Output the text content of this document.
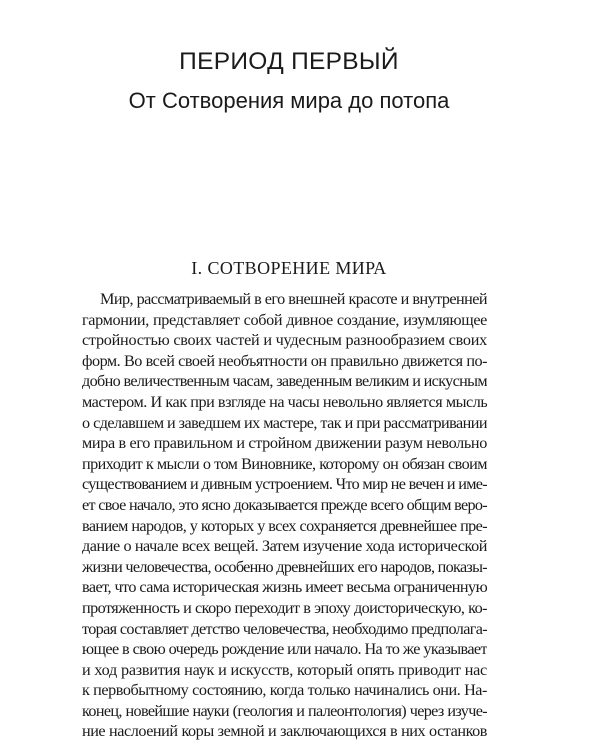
ПЕРИОД ПЕРВЫЙ
От Сотворения мира до потопа
I. СОТВОРЕНИЕ МИРА
Мир, рассматриваемый в его внешней красоте и внутренней
гармонии, представляет собой дивное создание, изумляющее
стройностью своих частей и чудесным разнообразием своих
форм. Во всей своей необъятности он правильно движется по-
добно величественным часам, заведенным великим и искусным
мастером. И как при взгляде на часы невольно является мысль
о сделавшем и заведшем их мастере, так и при рассматривании
мира в его правильном и стройном движении разум невольно
приходит к мысли о том Виновнике, которому он обязан своим
существованием и дивным устроением. Что мир не вечен и име-
ет свое начало, это ясно доказывается прежде всего общим веро-
ванием народов, у которых у всех сохраняется древнейшее пре-
дание о начале всех вещей. Затем изучение хода исторической
жизни человечества, особенно древнейших его народов, показы-
вает, что сама историческая жизнь имеет весьма ограниченную
протяженность и скоро переходит в эпоху доисторическую, ко-
торая составляет детство человечества, необходимо предполага-
ющее в свою очередь рождение или начало. На то же указывает
и ход развития наук и искусств, который опять приводит нас
к первобытному состоянию, когда только начинались они. На-
конец, новейшие науки (геология и палеонтология) через изуче-
ние наслоений коры земной и заключающихся в них останков
